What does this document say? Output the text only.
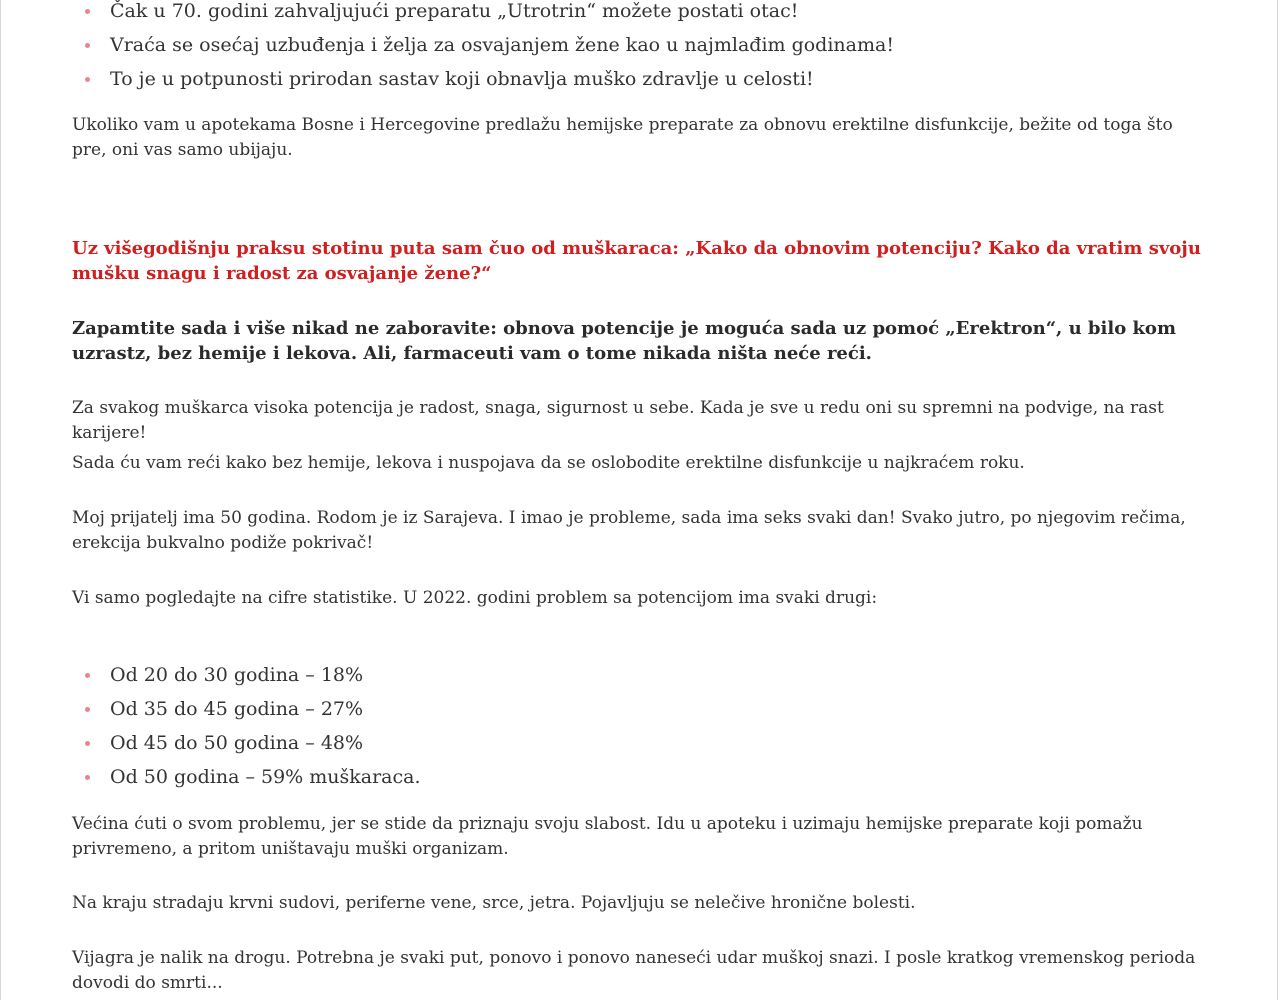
Čak u 70. godini zahvaljujući preparatu „Utrotrin“ možete postati otac!
Vraća se osećaj uzbuđenja i želja za osvajanjem žene kao u najmlađim godinama!
To je u potpunosti prirodan sastav koji obnavlja muško zdravlje u celosti!

Ukoliko vam u apotekama Bosne i Hercegovine predlažu hemijske preparate za obnovu erektilne disfunkcije, bežite od toga što pre, oni vas samo ubijaju.

Uz višegodišnju praksu stotinu puta sam čuo od muškaraca: „Kako da obnovim potenciju? Kako da vratim svoju mušku snagu i radost za osvajanje žene?“

Zapamtite sada i više nikad ne zaboravite: obnova potencije je moguća sada uz pomoć „Erektron“, u bilo kom uzrastz, bez hemije i lekova. Ali, farmaceuti vam o tome nikada ništa neće reći.

Za svakog muškarca visoka potencija je radost, snaga, sigurnost u sebe. Kada je sve u redu oni su spremni na podvige, na rast karijere!

Sada ću vam reći kako bez hemije, lekova i nuspojava da se oslobodite erektilne disfunkcije u najkraćem roku.

Moj prijatelj ima 50 godina. Rodom je iz Sarajeva. I imao je probleme, sada ima seks svaki dan! Svako jutro, po njegovim rečima, erekcija bukvalno podiže pokrivač!

Vi samo pogledajte na cifre statistike. U 2022. godini problem sa potencijom ima svaki drugi:

Od 20 do 30 godina – 18%
Od 35 do 45 godina – 27%
Od 45 do 50 godina – 48%
Od 50 godina – 59% muškaraca.

Većina ćuti o svom problemu, jer se stide da priznaju svoju slabost. Idu u apoteku i uzimaju hemijske preparate koji pomažu privremeno, a pritom uništavaju muški organizam.

Na kraju stradaju krvni sudovi, periferne vene, srce, jetra. Pojavljuju se nelečive hronične bolesti.

Vijagra je nalik na drogu. Potrebna je svaki put, ponovo i ponovo naneseći udar muškoj snazi. I posle kratkog vremenskog perioda dovodi do smrti...
